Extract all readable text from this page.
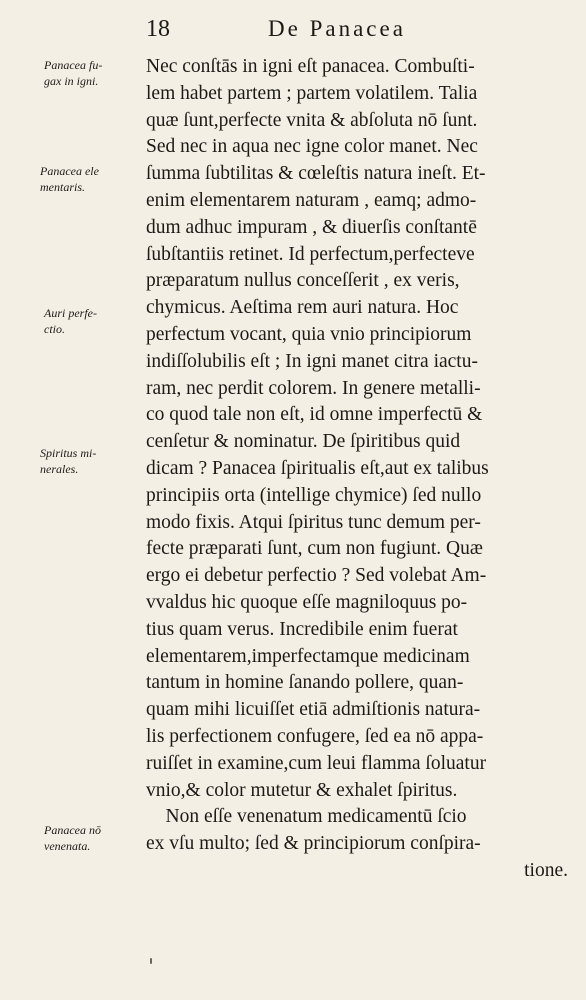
18	De Panacea
Panacea fu-
gax in igni.
Panacea ele
mentaris.
Auri perfe-
ctio.
Spiritus mi-
nerales.
Panacea nō
venenata.
Nec conſtās in igni eſt panacea. Combuſti-
lem habet partem ; partem volatilem. Talia
quæ ſunt,perfecte vnita & abſoluta nō ſunt.
Sed nec in aqua nec igne color manet. Nec
ſumma ſubtilitas & cœleſtis natura ineſt. Et-
enim elementarem naturam , eamq; admo-
dum adhuc impuram , & diuerſis conſtantē
ſubſtantiis retinet. Id perfectum,perfecteve
præparatum nullus conceſſerit , ex veris,
chymicus. Aeſtima rem auri natura. Hoc
perfectum vocant, quia vnio principiorum
indiſſolubilis eſt ; In igni manet citra iactu-
ram, nec perdit colorem. In genere metalli-
co quod tale non eſt, id omne imperfectū &
cenſetur & nominatur. De ſpiritibus quid
dicam ? Panacea ſpiritualis eſt,aut ex talibus
principiis orta (intellige chymice) ſed nullo
modo fixis. Atqui ſpiritus tunc demum per-
fecte præparati ſunt, cum non fugiunt. Quæ
ergo ei debetur perfectio ? Sed volebat Am-
vvaldus hic quoque eſſe magniloquus po-
tius quam verus. Incredibile enim fuerat
elementarem,imperfectamque medicinam
tantum in homine ſanando pollere, quan-
quam mihi licuiſſet etiā admiſtionis natura-
lis perfectionem confugere, ſed ea nō appa-
ruiſſet in examine,cum leui flamma ſoluatur
vnio,& color mutetur & exhalet ſpiritus.
Non eſſe venenatum medicamentū ſcio
ex vſu multo; ſed & principiorum conſpira-
tione.
